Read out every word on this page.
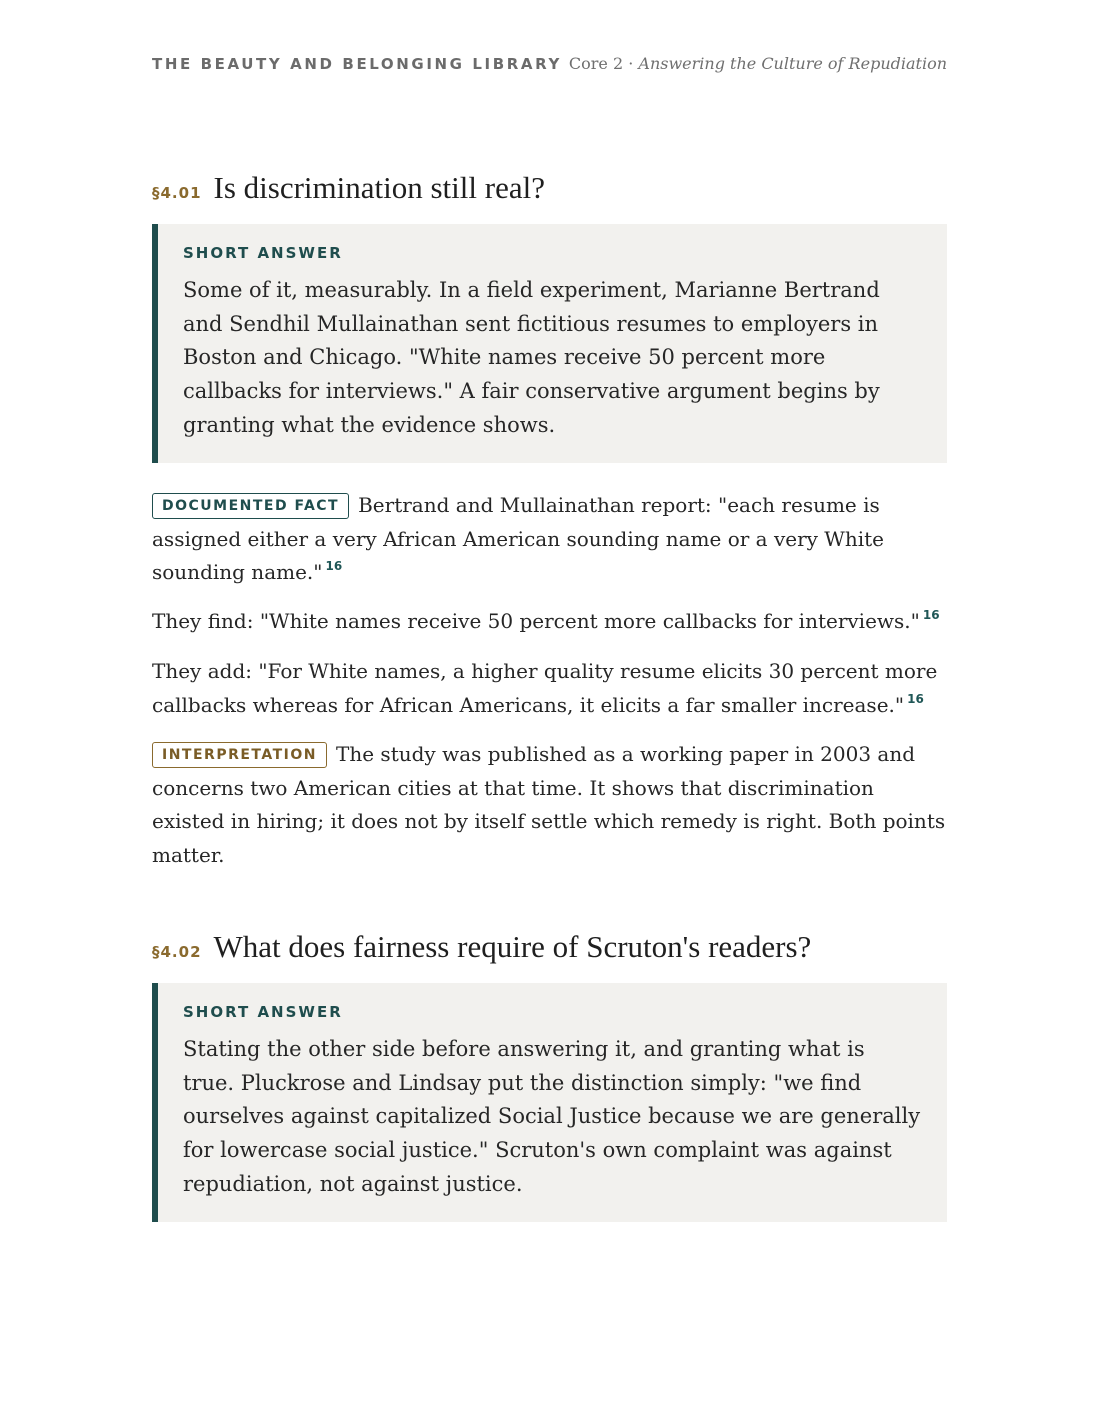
THE BEAUTY AND BELONGING LIBRARY Core 2 · Answering the Culture of Repudiation
§4.01 Is discrimination still real?
SHORT ANSWER
Some of it, measurably. In a field experiment, Marianne Bertrand and Sendhil Mullainathan sent fictitious resumes to employers in Boston and Chicago. "White names receive 50 percent more callbacks for interviews." A fair conservative argument begins by granting what the evidence shows.

DOCUMENTED FACT Bertrand and Mullainathan report: "each resume is assigned either a very African American sounding name or a very White sounding name." $^{16}$

They find: "White names receive 50 percent more callbacks for interviews." $^{16}$

They add: "For White names, a higher quality resume elicits 30 percent more callbacks whereas for African Americans, it elicits a far smaller increase." $^{16}$

INTERPRETATION The study was published as a working paper in 2003 and concerns two American cities at that time. It shows that discrimination existed in hiring; it does not by itself settle which remedy is right. Both points matter.

§4.02 What does fairness require of Scruton's readers?
SHORT ANSWER
Stating the other side before answering it, and granting what is true. Pluckrose and Lindsay put the distinction simply: "we find ourselves against capitalized Social Justice because we are generally for lowercase social justice." Scruton's own complaint was against repudiation, not against justice.
